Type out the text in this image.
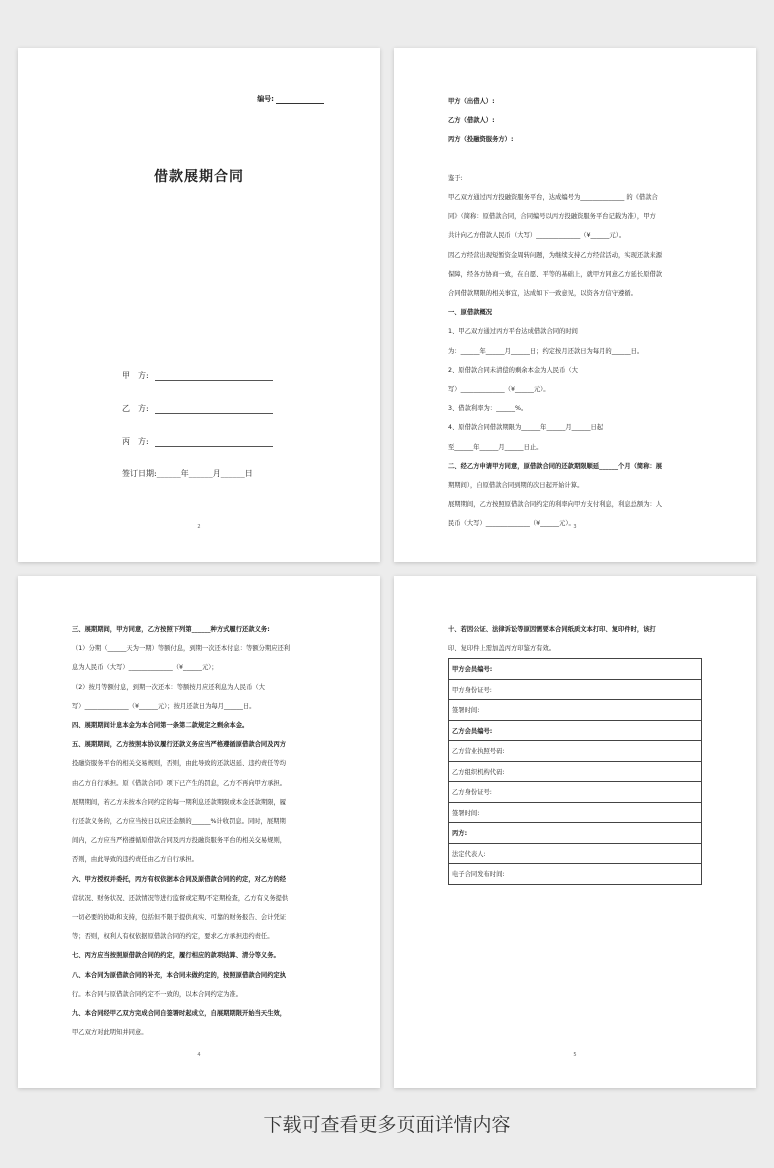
编号:
借款展期合同
甲　方:
乙　方:
丙　方:
签订日期:______年______月______日
2

甲方（出借人）:

乙方（借款人）:

丙方（投融资服务方）:

鉴于:

甲乙双方通过丙方投融资服务平台，达成编号为______________ 的《借款合

同》（简称：原借款合同，合同编号以丙方投融资服务平台记载为准），甲方

共计向乙方借款人民币（大写）______________（¥______元）。

因乙方经营出现短暂资金周转问题，为继续支持乙方经营活动，实现还款来源

保障，经各方协商一致，在自愿、平等的基础上，就甲方同意乙方延长原借款

合同借款期限的相关事宜，达成如下一致意见，以资各方信守遵循。

一、原借款概况

1、甲乙双方通过丙方平台达成借款合同的时间

为：______年______月______日；约定按月还款日为每月的______日。

2、原借款合同未清偿的剩余本金为人民币（大

写）______________（¥______元）。

3、借款利率为：______%。

4、原借款合同借款期限为______年______月______日起

至______年______月______日止。

二、经乙方申请甲方同意，原借款合同的还款期限顺延______个月（简称：展

期期间），自原借款合同到期的次日起开始计算。

展期期间，乙方按照原借款合同约定的利率向甲方支付利息，利息总额为：人

民币（大写）______________（¥______元）。

3

三、展期期间，甲方同意，乙方按照下列第______种方式履行还款义务:

（1）分期（______天为一期）等额付息，到期一次还本付息：等额分期应还利

息为人民币（大写）______________（¥______元）；

（2）按月等额付息，到期一次还本：等额按月应还利息为人民币（大

写）______________（¥______元）；按月还款日为每月______日。

四、展期期间计息本金为本合同第一条第二款规定之剩余本金。

五、展期期间，乙方按照本协议履行还款义务应当严格遵循原借款合同及丙方

投融资服务平台的相关交易规则，否则，由此导致的还款迟延、违约责任等均

由乙方自行承担。原《借款合同》项下已产生的罚息，乙方不再向甲方承担。

展期期间，若乙方未按本合同约定的每一期利息还款期限或本金还款期限，履

行还款义务的，乙方应当按日以应还金额的______%计收罚息。同时，展期期

间内，乙方应当严格遵循原借款合同及丙方投融资服务平台的相关交易规则，

否则，由此导致的违约责任由乙方自行承担。

六、甲方授权并委托，丙方有权依据本合同及原借款合同的约定，对乙方的经

营状况、财务状况、还款情况等进行监督或定期/不定期检查，乙方有义务提供

一切必要的协助和支持，包括但不限于提供真实、可靠的财务报告、会计凭证

等；否则，权利人有权依据原借款合同的约定，要求乙方承担违约责任。

七、丙方应当按照原借款合同的约定，履行相应的款项结算、清分等义务。

八、本合同为原借款合同的补充，本合同未做约定的，按照原借款合同约定执

行。本合同与原借款合同约定不一致的，以本合同约定为准。

九、本合同经甲乙双方完成合同自签署时起成立，自展期期限开始当天生效，

甲乙双方对此明知并同意。

4

十、若因公证、法律诉讼等原因需要本合同纸质文本打印、复印件时，该打

印、复印件上需加盖丙方印鉴方有效。

甲方会员编号:
甲方身份证号:
签署时间:
乙方会员编号:
乙方营业执照号码:
乙方组织机构代码:
乙方身份证号:
签署时间:
丙方:
法定代表人:
电子合同发布时间:
5
下载可查看更多页面详情内容
